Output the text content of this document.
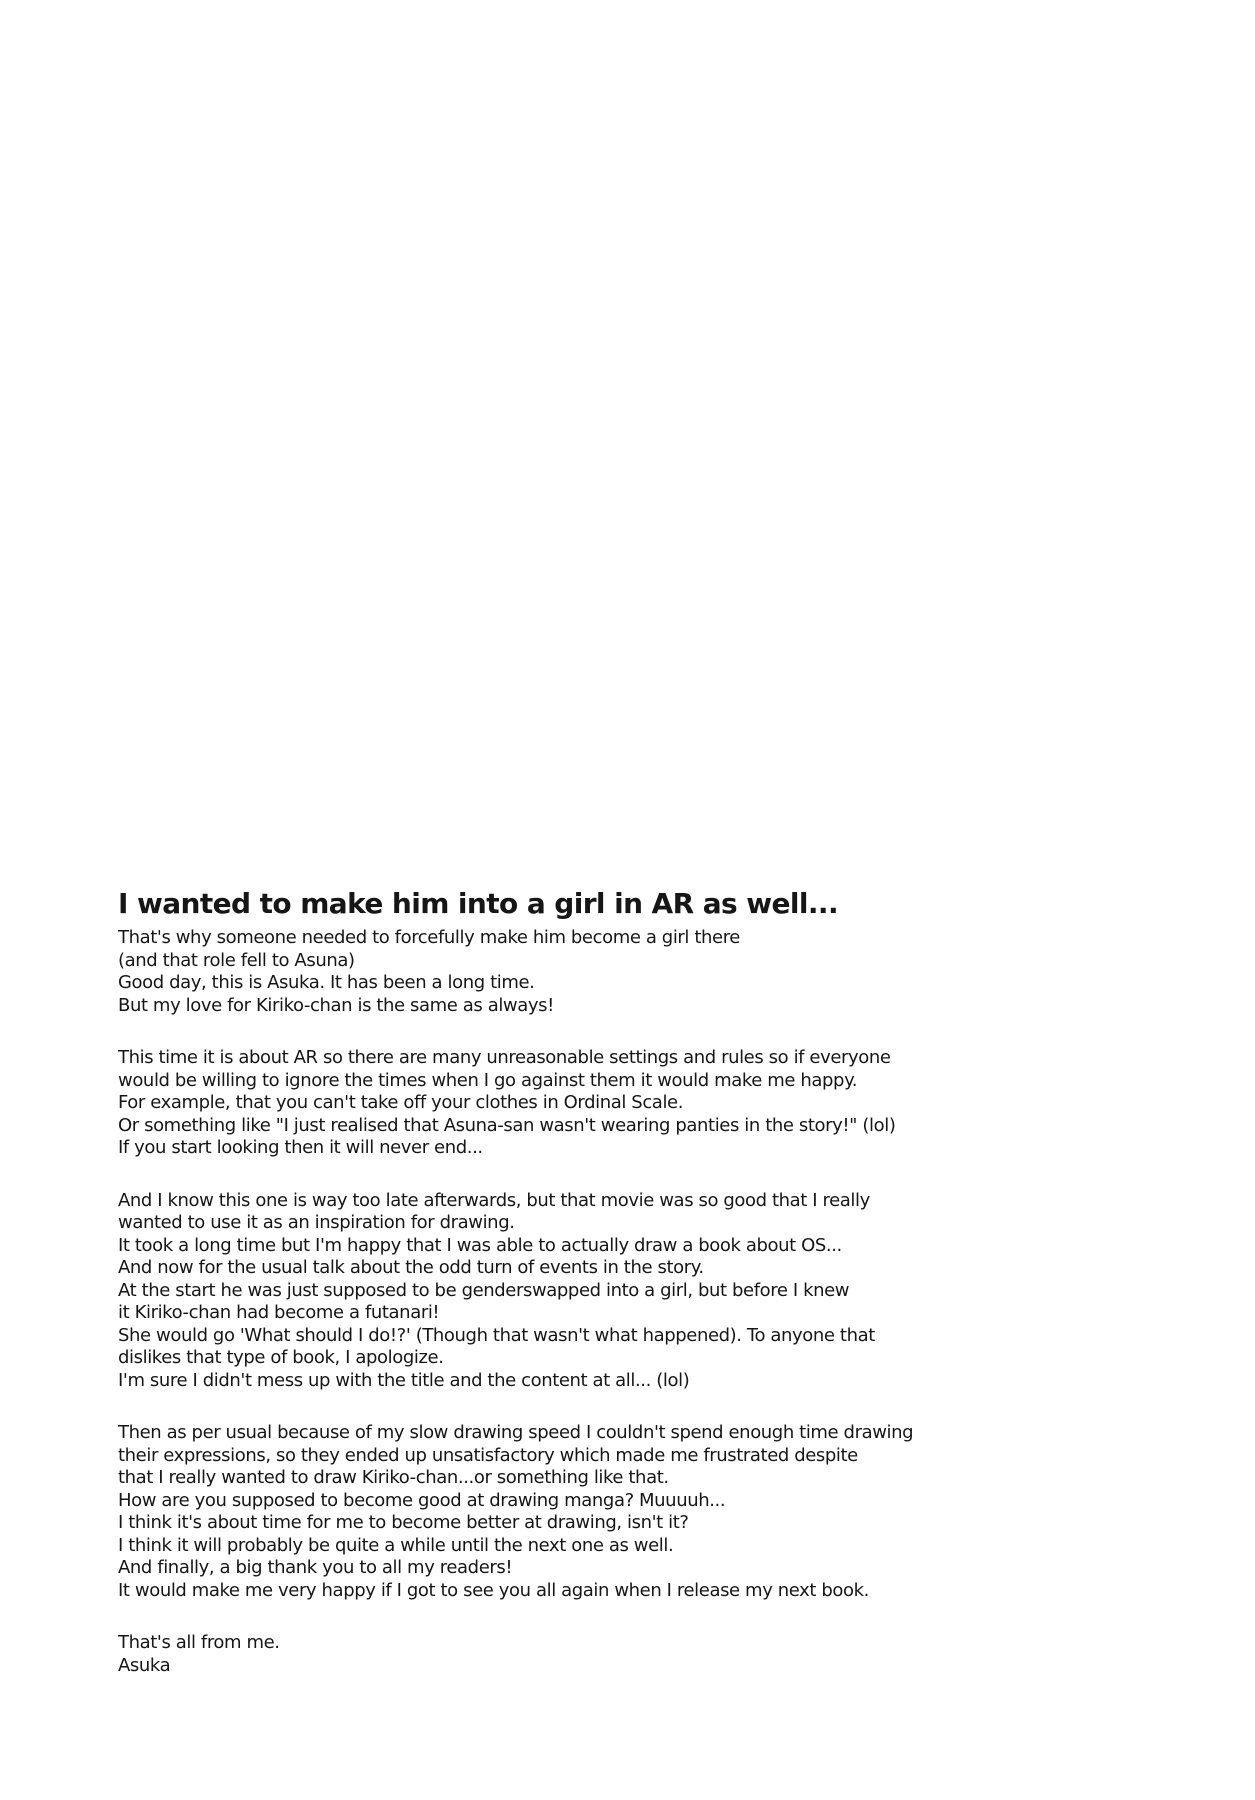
I wanted to make him into a girl in AR as well...

That's why someone needed to forcefully make him become a girl there
(and that role fell to Asuna)
Good day, this is Asuka. It has been a long time.
But my love for Kiriko-chan is the same as always!

This time it is about AR so there are many unreasonable settings and rules so if everyone
would be willing to ignore the times when I go against them it would make me happy.
For example, that you can't take off your clothes in Ordinal Scale.
Or something like "I just realised that Asuna-san wasn't wearing panties in the story!" (lol)
If you start looking then it will never end...

And I know this one is way too late afterwards, but that movie was so good that I really
wanted to use it as an inspiration for drawing.
It took a long time but I'm happy that I was able to actually draw a book about OS...
And now for the usual talk about the odd turn of events in the story.
At the start he was just supposed to be genderswapped into a girl, but before I knew
it Kiriko-chan had become a futanari!
She would go 'What should I do!?' (Though that wasn't what happened). To anyone that
dislikes that type of book, I apologize.
I'm sure I didn't mess up with the title and the content at all... (lol)

Then as per usual because of my slow drawing speed I couldn't spend enough time drawing
their expressions, so they ended up unsatisfactory which made me frustrated despite
that I really wanted to draw Kiriko-chan...or something like that.
How are you supposed to become good at drawing manga? Muuuuh...
I think it's about time for me to become better at drawing, isn't it?
I think it will probably be quite a while until the next one as well.
And finally, a big thank you to all my readers!
It would make me very happy if I got to see you all again when I release my next book.

That's all from me.
Asuka
